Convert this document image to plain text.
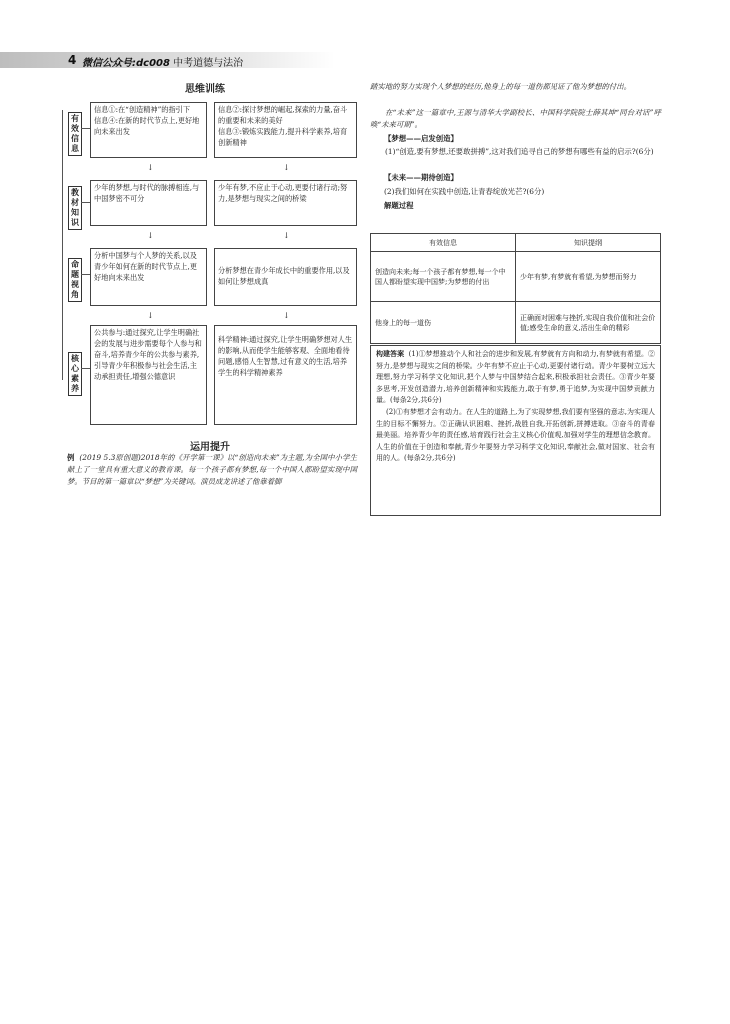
4 微信公众号:dc008 中考道德与法治
思维训练
有效信息
信息①:在“创造精神”的指引下
信息④:在新的时代节点上,更好地向未来出发
信息②:探讨梦想的崛起,探索的力量,奋斗的重要和未来的美好
信息③:锻炼实践能力,提升科学素养,培育创新精神
↓	↓
教材知识
少年的梦想,与时代的脉搏相连,与中国梦密不可分
少年有梦,不应止于心动,更要付诸行动;努力,是梦想与现实之间的桥梁
↓	↓
命题视角
分析中国梦与个人梦的关系,以及青少年如何在新的时代节点上,更好地向未来出发
分析梦想在青少年成长中的重要作用,以及如何让梦想成真
↓	↓
核心素养
公共参与:通过探究,让学生明确社会的发展与进步需要每个人参与和奋斗,培养青少年的公共参与素养,引导青少年积极参与社会生活,主动承担责任,增强公德意识
科学精神:通过探究,让学生明确梦想对人生的影响,从而使学生能够客观、全面地看待问题,感悟人生智慧,过有意义的生活,培养学生的科学精神素养
运用提升
例 (2019 5.3原创题)2018年的《开学第一课》以“创造向未来”为主题,为全国中小学生献上了一堂具有重大意义的教育课。每一个孩子都有梦想,每一个中国人都盼望实现中国梦。节目的第一篇章以“梦想”为关键词。演员成龙讲述了他靠着脚
踏实地的努力实现个人梦想的经历,他身上的每一道伤都见证了他为梦想的付出。
在“未来”这一篇章中,王源与清华大学副校长、中国科学院院士薛其坤“同台对话”呼唤“未来可期”。
【梦想——启发创造】
(1)“创造,要有梦想,还要敢拼搏”,这对我们追寻自己的梦想有哪些有益的启示?(6分)
【未来——期待创造】
(2)我们如何在实践中创造,让青春绽放光芒?(6分)
解题过程
有效信息	知识提纲
创造向未来;每一个孩子都有梦想,每一个中国人都盼望实现中国梦;为梦想的付出	少年有梦,有梦就有希望,为梦想而努力
他身上的每一道伤	正确面对困难与挫折,实现自我价值和社会价值;感受生命的意义,活出生命的精彩
构建答案 (1)①梦想推动个人和社会的进步和发展,有梦就有方向和动力,有梦就有希望。②努力,是梦想与现实之间的桥梁。少年有梦不应止于心动,更要付诸行动。青少年要树立远大理想,努力学习科学文化知识,把个人梦与中国梦结合起来,积极承担社会责任。③青少年要多思考,开发创造潜力,培养创新精神和实践能力,敢于有梦,勇于追梦,为实现中国梦贡献力量。(每条2分,共6分)
(2)①有梦想才会有动力。在人生的道路上,为了实现梦想,我们要有坚强的意志,为实现人生的目标不懈努力。②正确认识困难、挫折,战胜自我,开拓创新,拼搏进取。③奋斗的青春最美丽。培养青少年的责任感,培育践行社会主义核心价值观,加强对学生的理想信念教育。人生的价值在于创造和奉献,青少年要努力学习科学文化知识,奉献社会,做对国家、社会有用的人。(每条2分,共6分)
